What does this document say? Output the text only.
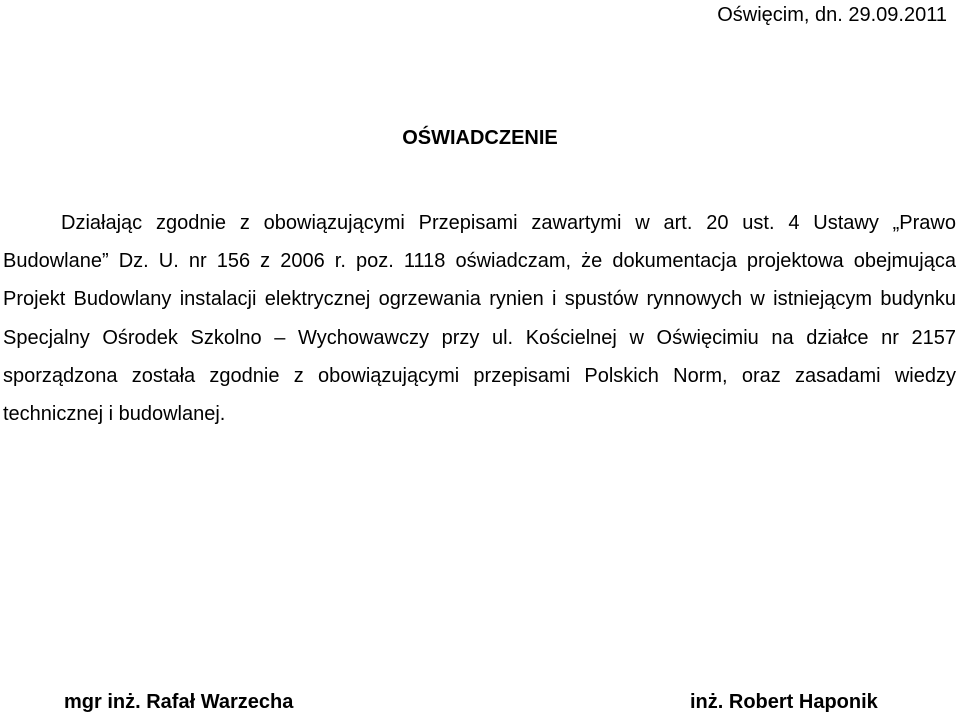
Oświęcim, dn. 29.09.2011
OŚWIADCZENIE

Działając zgodnie z obowiązującymi Przepisami zawartymi w art. 20 ust. 4 Ustawy „Prawo Budowlane” Dz. U. nr 156 z 2006 r. poz. 1118 oświadczam, że dokumentacja projektowa obejmująca Projekt Budowlany instalacji elektrycznej ogrzewania rynien i spustów rynnowych w istniejącym budynku Specjalny Ośrodek Szkolno – Wychowawczy przy ul. Kościelnej w Oświęcimiu na działce nr 2157 sporządzona została zgodnie z obowiązującymi przepisami Polskich Norm, oraz zasadami wiedzy technicznej i budowlanej.

mgr inż. Rafał Warzecha	inż. Robert Haponik
